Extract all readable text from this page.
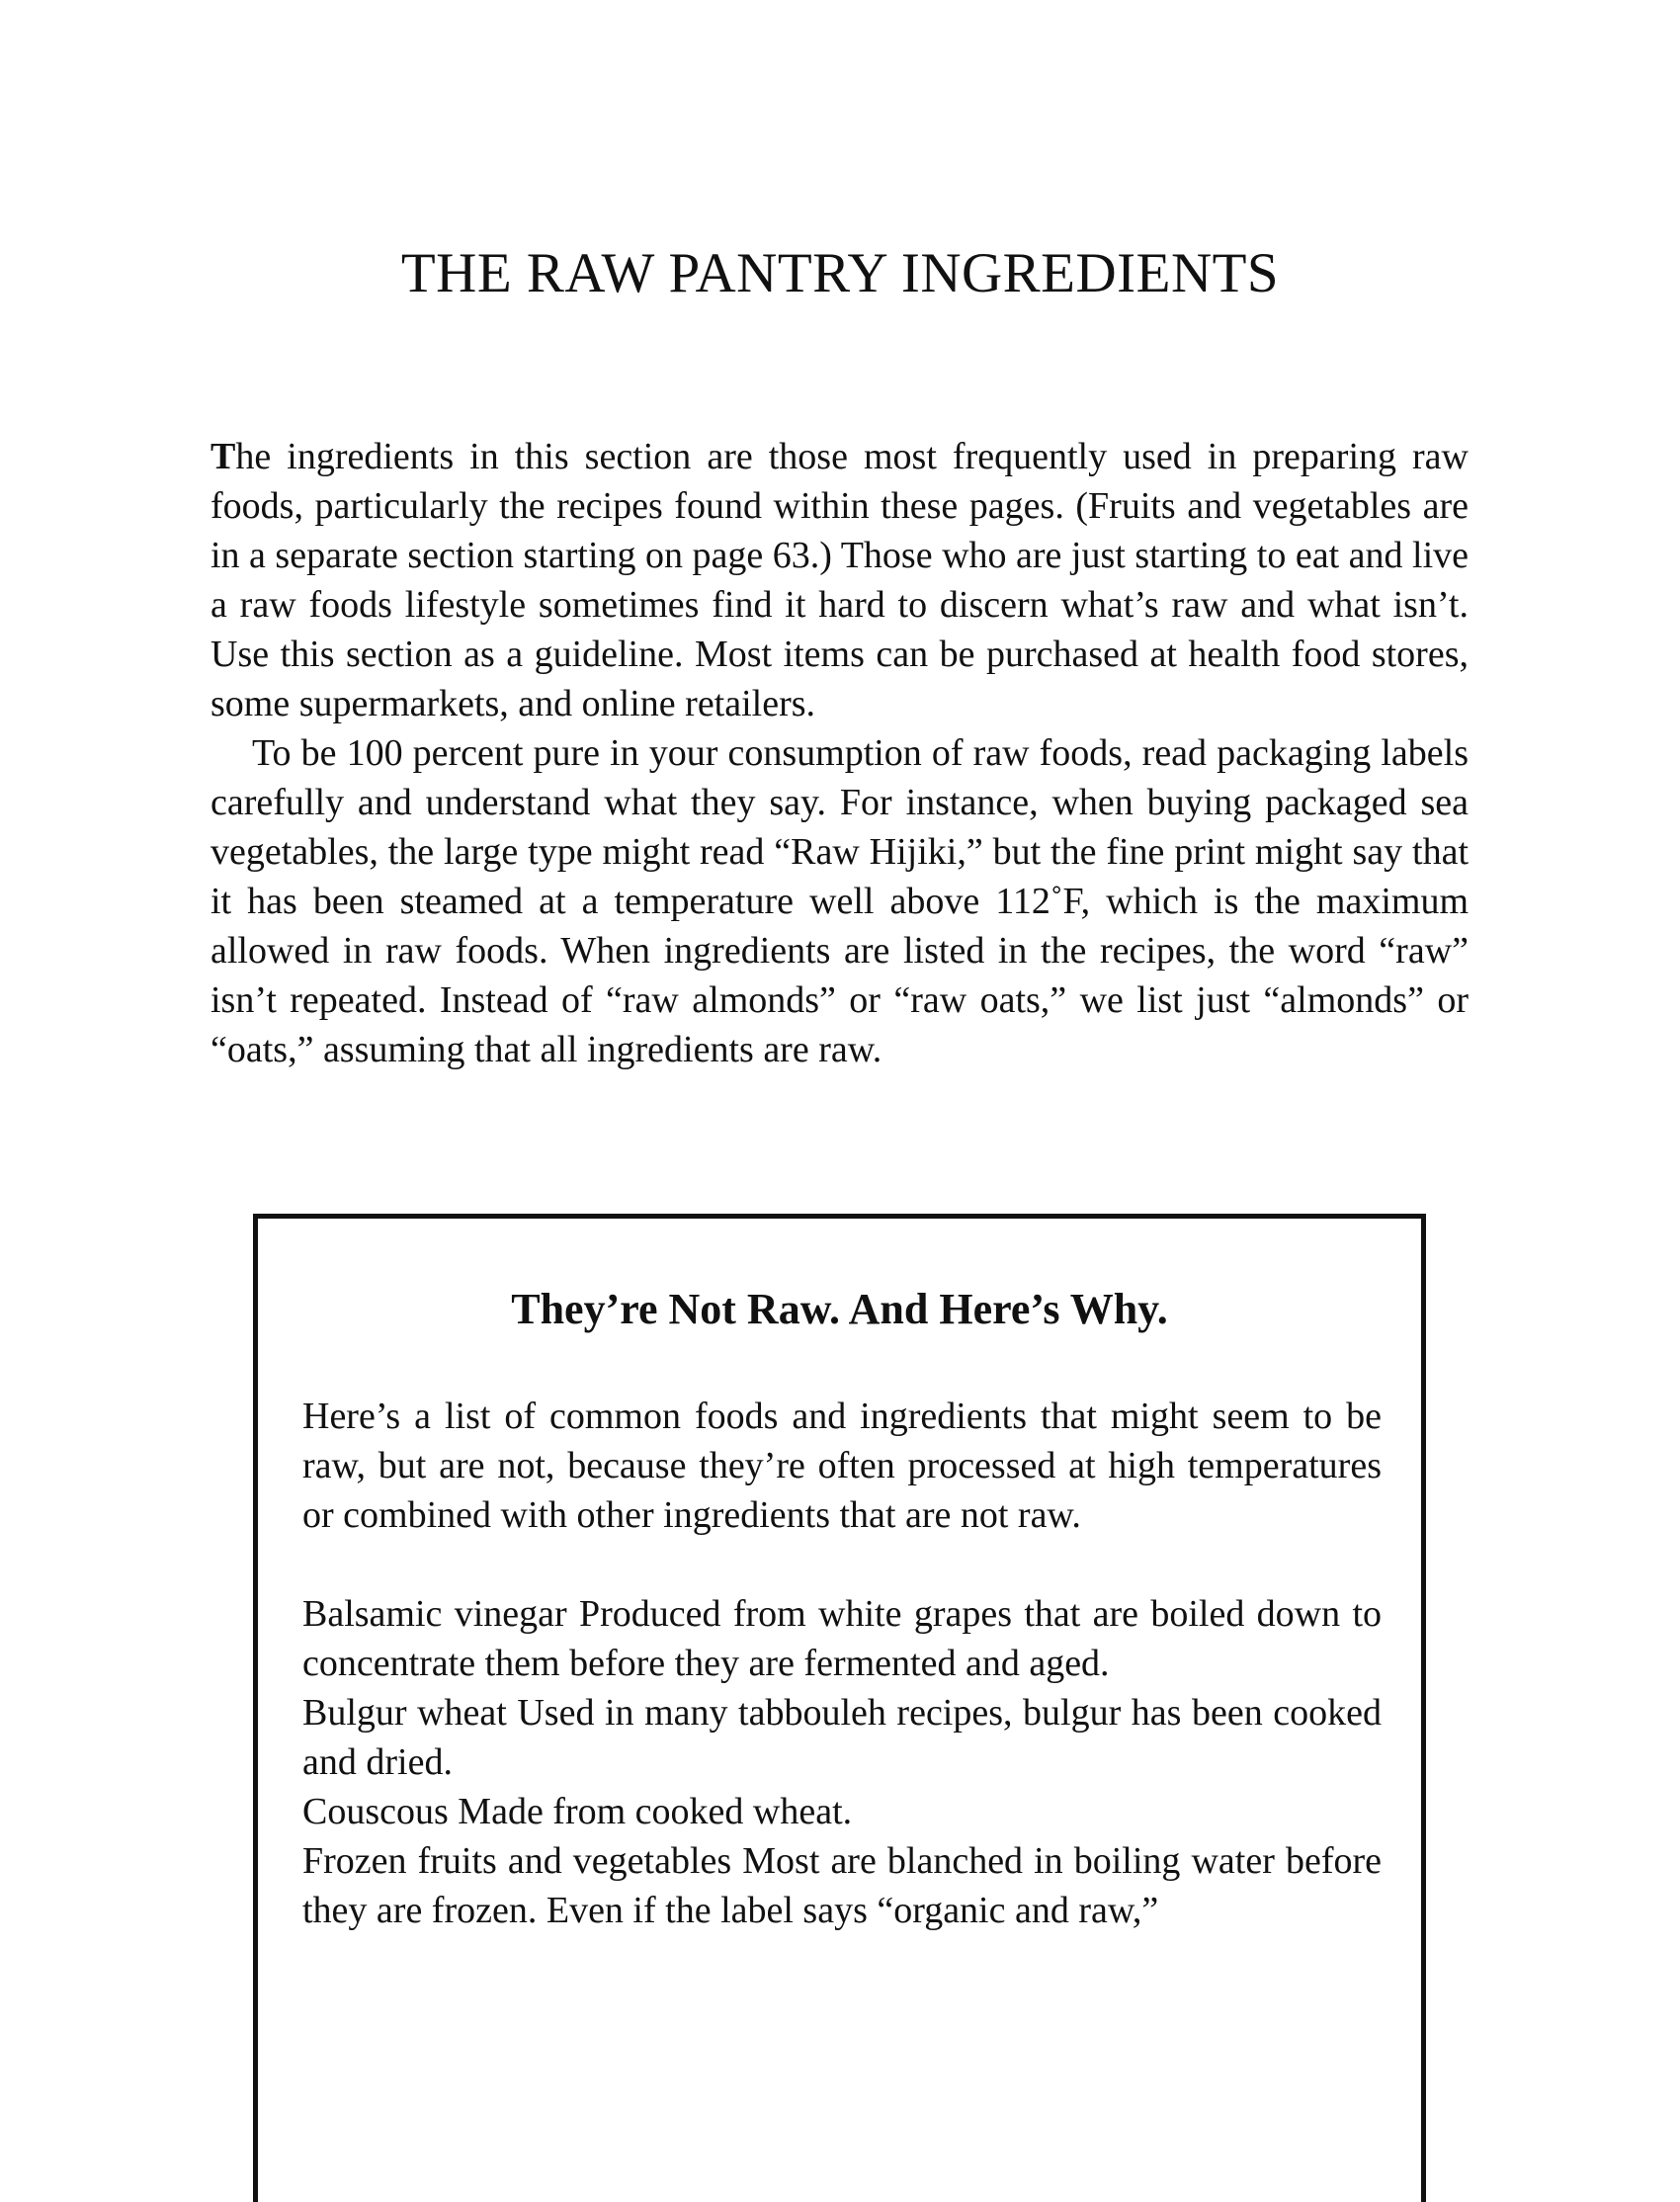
THE RAW PANTRY INGREDIENTS

The ingredients in this section are those most frequently used in preparing raw foods, particularly the recipes found within these pages. (Fruits and vegetables are in a separate section starting on page 63.) Those who are just starting to eat and live a raw foods lifestyle sometimes find it hard to discern what’s raw and what isn’t. Use this section as a guideline. Most items can be purchased at health food stores, some supermarkets, and online retailers.

To be 100 percent pure in your consumption of raw foods, read packaging labels carefully and understand what they say. For instance, when buying packaged sea vegetables, the large type might read “Raw Hijiki,” but the fine print might say that it has been steamed at a temperature well above 112˚F, which is the maximum allowed in raw foods. When ingredients are listed in the recipes, the word “raw” isn’t repeated. Instead of “raw almonds” or “raw oats,” we list just “almonds” or “oats,” assuming that all ingredients are raw.

They’re Not Raw. And Here’s Why.

Here’s a list of common foods and ingredients that might seem to be raw, but are not, because they’re often processed at high temperatures or combined with other ingredients that are not raw.

Balsamic vinegar Produced from white grapes that are boiled down to concentrate them before they are fermented and aged.

Bulgur wheat Used in many tabbouleh recipes, bulgur has been cooked and dried.

Couscous Made from cooked wheat.

Frozen fruits and vegetables Most are blanched in boiling water before they are frozen. Even if the label says “organic and raw,”
